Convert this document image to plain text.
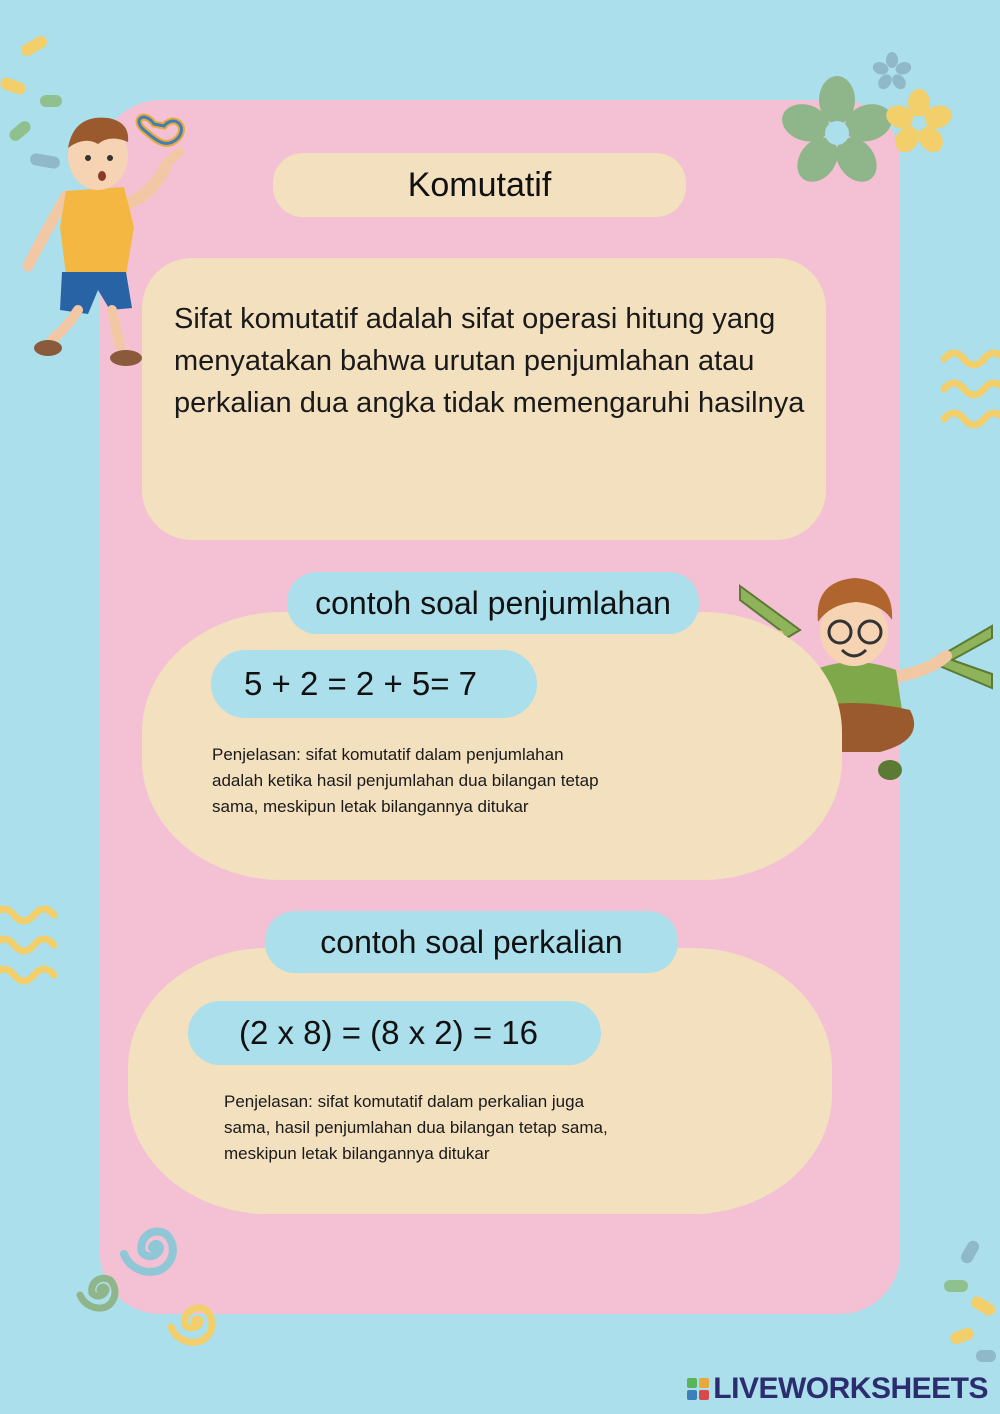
Komutatif
Sifat komutatif adalah sifat operasi hitung yang menyatakan bahwa urutan penjumlahan atau perkalian dua angka tidak memengaruhi hasilnya
contoh soal penjumlahan
5 + 2 = 2 + 5= 7
Penjelasan: sifat komutatif dalam penjumlahan
adalah ketika hasil penjumlahan dua bilangan tetap
sama, meskipun letak bilangannya ditukar
contoh soal perkalian
(2 x 8) = (8 x 2) = 16
Penjelasan: sifat komutatif dalam perkalian juga
sama, hasil penjumlahan dua bilangan tetap sama,
meskipun letak bilangannya ditukar
LIVEWORKSHEETS
